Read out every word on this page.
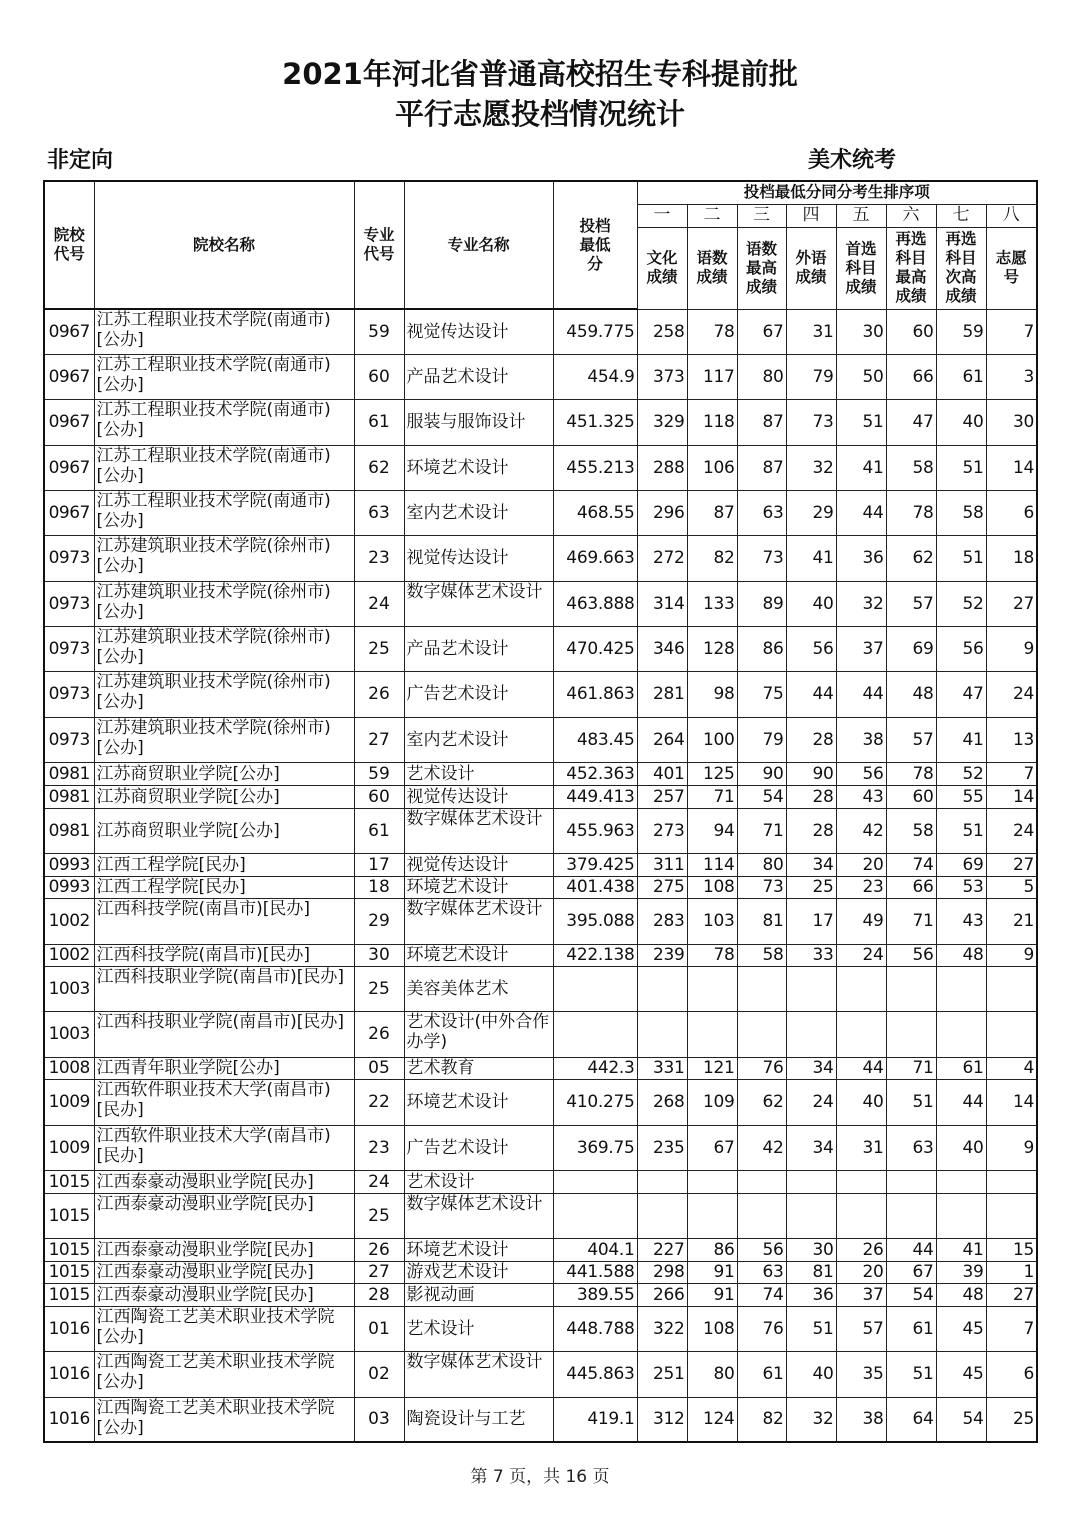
2021年河北省普通高校招生专科提前批
平行志愿投档情况统计
非定向	美术统考
院校代号	院校名称	专业代号	专业名称	投档最低分	投档最低分同分考生排序项							
					一	二	三	四	五	六	七	八
					文化成绩	语数成绩	语数最高成绩	外语成绩	首选科目成绩	再选科目最高成绩	再选科目次高成绩	志愿号
0967	江苏工程职业技术学院(南通市)[公办]	59	视觉传达设计	459.775	258	78	67	31	30	60	59	7
0967	江苏工程职业技术学院(南通市)[公办]	60	产品艺术设计	454.9	373	117	80	79	50	66	61	3
0967	江苏工程职业技术学院(南通市)[公办]	61	服装与服饰设计	451.325	329	118	87	73	51	47	40	30
0967	江苏工程职业技术学院(南通市)[公办]	62	环境艺术设计	455.213	288	106	87	32	41	58	51	14
0967	江苏工程职业技术学院(南通市)[公办]	63	室内艺术设计	468.55	296	87	63	29	44	78	58	6
0973	江苏建筑职业技术学院(徐州市)[公办]	23	视觉传达设计	469.663	272	82	73	41	36	62	51	18
0973	江苏建筑职业技术学院(徐州市)[公办]	24	数字媒体艺术设计	463.888	314	133	89	40	32	57	52	27
0973	江苏建筑职业技术学院(徐州市)[公办]	25	产品艺术设计	470.425	346	128	86	56	37	69	56	9
0973	江苏建筑职业技术学院(徐州市)[公办]	26	广告艺术设计	461.863	281	98	75	44	44	48	47	24
0973	江苏建筑职业技术学院(徐州市)[公办]	27	室内艺术设计	483.45	264	100	79	28	38	57	41	13
0981	江苏商贸职业学院[公办]	59	艺术设计	452.363	401	125	90	90	56	78	52	7
0981	江苏商贸职业学院[公办]	60	视觉传达设计	449.413	257	71	54	28	43	60	55	14
0981	江苏商贸职业学院[公办]	61	数字媒体艺术设计	455.963	273	94	71	28	42	58	51	24
0993	江西工程学院[民办]	17	视觉传达设计	379.425	311	114	80	34	20	74	69	27
0993	江西工程学院[民办]	18	环境艺术设计	401.438	275	108	73	25	23	66	53	5
1002	江西科技学院(南昌市)[民办]	29	数字媒体艺术设计	395.088	283	103	81	17	49	71	43	21
1002	江西科技学院(南昌市)[民办]	30	环境艺术设计	422.138	239	78	58	33	24	56	48	9
1003	江西科技职业学院(南昌市)[民办]	25	美容美体艺术									
1003	江西科技职业学院(南昌市)[民办]	26	艺术设计(中外合作办学)									
1008	江西青年职业学院[公办]	05	艺术教育	442.3	331	121	76	34	44	71	61	4
1009	江西软件职业技术大学(南昌市)[民办]	22	环境艺术设计	410.275	268	109	62	24	40	51	44	14
1009	江西软件职业技术大学(南昌市)[民办]	23	广告艺术设计	369.75	235	67	42	34	31	63	40	9
1015	江西泰豪动漫职业学院[民办]	24	艺术设计									
1015	江西泰豪动漫职业学院[民办]	25	数字媒体艺术设计									
1015	江西泰豪动漫职业学院[民办]	26	环境艺术设计	404.1	227	86	56	30	26	44	41	15
1015	江西泰豪动漫职业学院[民办]	27	游戏艺术设计	441.588	298	91	63	81	20	67	39	1
1015	江西泰豪动漫职业学院[民办]	28	影视动画	389.55	266	91	74	36	37	54	48	27
1016	江西陶瓷工艺美术职业技术学院[公办]	01	艺术设计	448.788	322	108	76	51	57	61	45	7
1016	江西陶瓷工艺美术职业技术学院[公办]	02	数字媒体艺术设计	445.863	251	80	61	40	35	51	45	6
1016	江西陶瓷工艺美术职业技术学院[公办]	03	陶瓷设计与工艺	419.1	312	124	82	32	38	64	54	25
第 7 页，共 16 页
